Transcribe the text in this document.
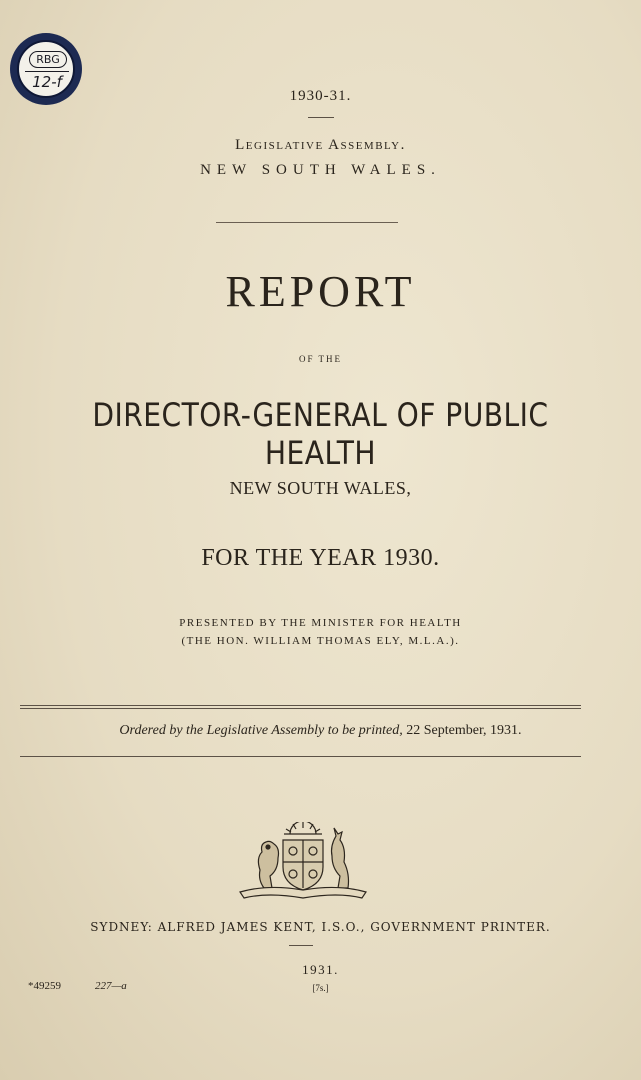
RBG
12-f
1930-31.
Legislative Assembly.
NEW SOUTH WALES.
REPORT
OF THE
DIRECTOR-GENERAL OF PUBLIC HEALTH
NEW SOUTH WALES,
FOR THE YEAR 1930.
PRESENTED BY THE MINISTER FOR HEALTH
(THE HON. WILLIAM THOMAS ELY, M.L.A.).
Ordered by the Legislative Assembly to be printed, 22 September, 1931.
SYDNEY: ALFRED JAMES KENT, I.S.O., GOVERNMENT PRINTER.
1931.
*49259	227—a	[7s.]
